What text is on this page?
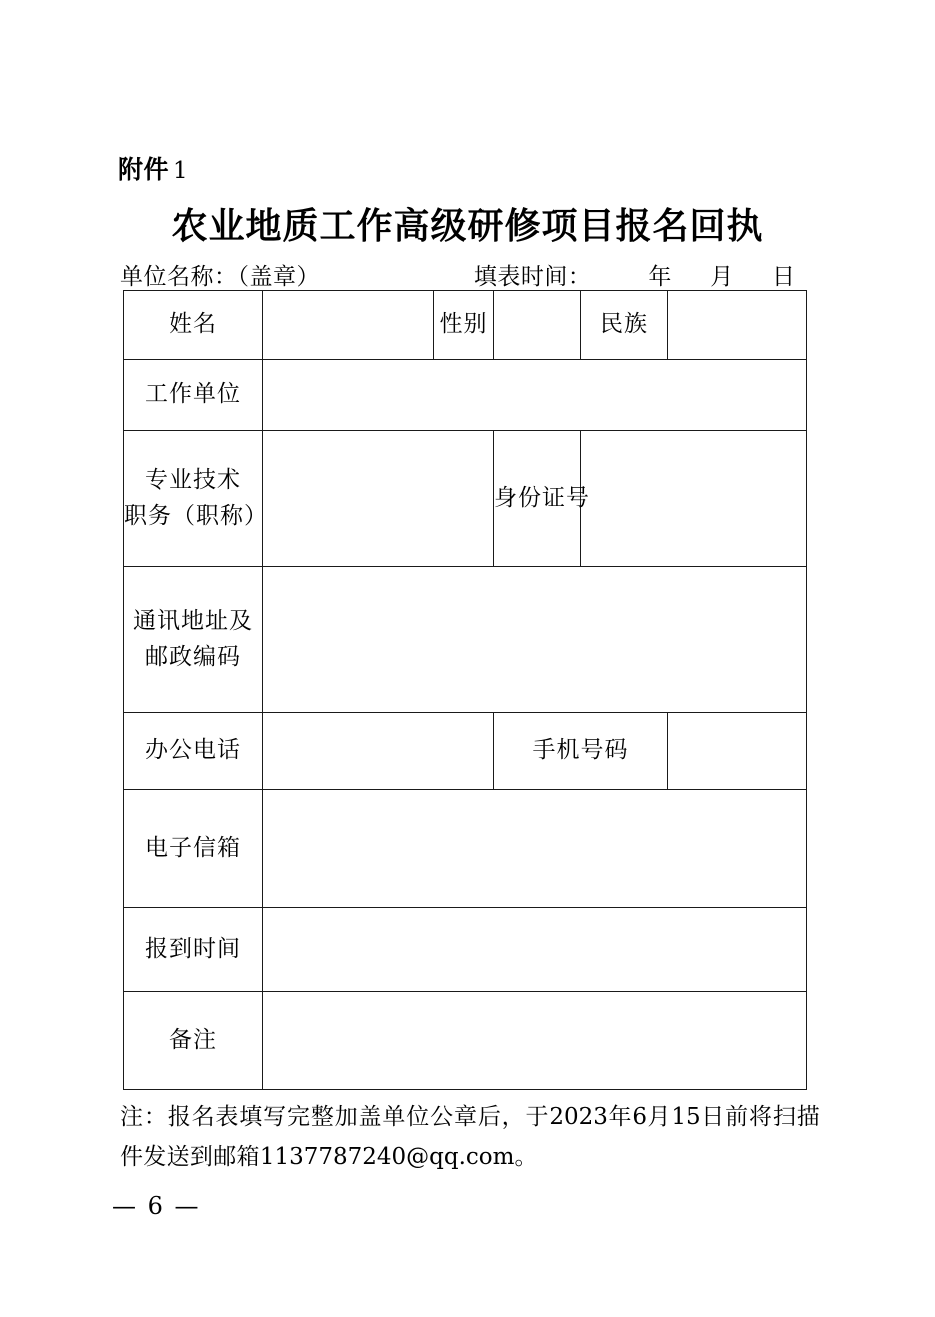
附件 1
农业地质工作高级研修项目报名回执
单位名称：（盖章）	填表时间： 年 月 日
姓名		性别		民族	
工作单位					

专业技术
职务（职称）			身份证号		

通讯地址及
邮政编码					

办公电话			手机号码		
电子信箱					
报到时间					
备注					
注：报名表填写完整加盖单位公章后，于2023年6月15日前将扫描件发送到邮箱1137787240@qq.com。
— 6 —
